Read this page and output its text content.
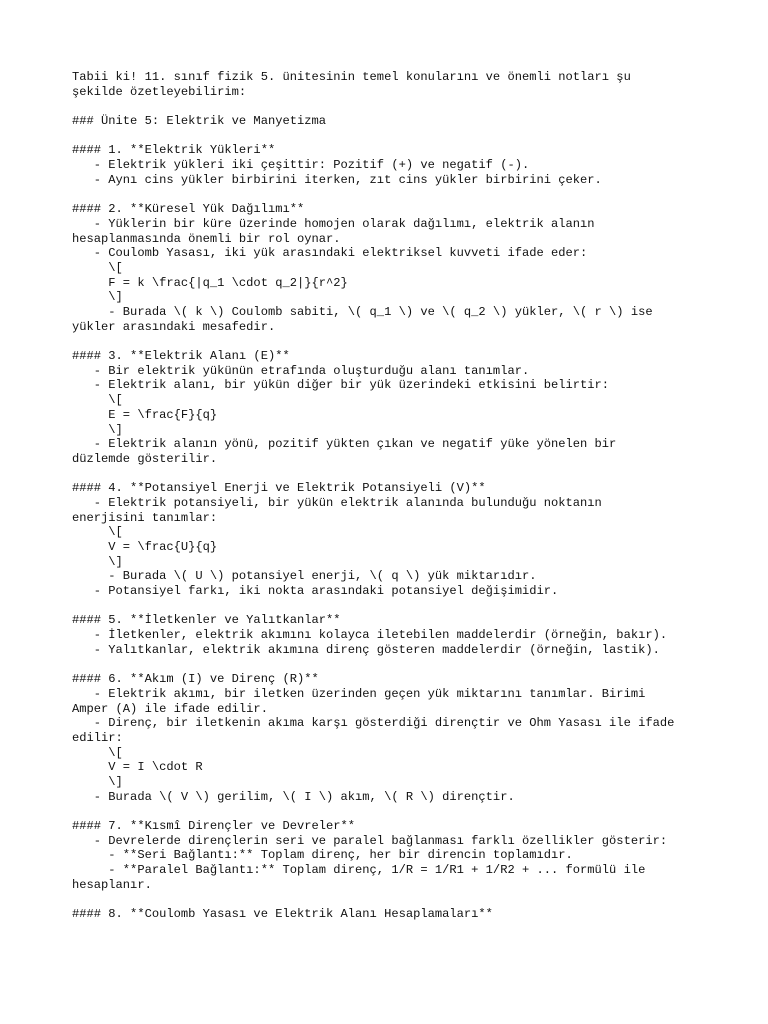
Tabii ki! 11. sınıf fizik 5. ünitesinin temel konularını ve önemli notları şu
şekilde özetleyebilirim:
### Ünite 5: Elektrik ve Manyetizma
#### 1. **Elektrik Yükleri**
- Elektrik yükleri iki çeşittir: Pozitif (+) ve negatif (-).
- Aynı cins yükler birbirini iterken, zıt cins yükler birbirini çeker.
#### 2. **Küresel Yük Dağılımı**
- Yüklerin bir küre üzerinde homojen olarak dağılımı, elektrik alanın
hesaplanmasında önemli bir rol oynar.
- Coulomb Yasası, iki yük arasındaki elektriksel kuvveti ifade eder:
\[
F = k \frac{|q_1 \cdot q_2|}{r^2}
\]
- Burada \( k \) Coulomb sabiti, \( q_1 \) ve \( q_2 \) yükler, \( r \) ise
yükler arasındaki mesafedir.
#### 3. **Elektrik Alanı (E)**
- Bir elektrik yükünün etrafında oluşturduğu alanı tanımlar.
- Elektrik alanı, bir yükün diğer bir yük üzerindeki etkisini belirtir:
\[
E = \frac{F}{q}
\]
- Elektrik alanın yönü, pozitif yükten çıkan ve negatif yüke yönelen bir
düzlemde gösterilir.
#### 4. **Potansiyel Enerji ve Elektrik Potansiyeli (V)**
- Elektrik potansiyeli, bir yükün elektrik alanında bulunduğu noktanın
enerjisini tanımlar:
\[
V = \frac{U}{q}
\]
- Burada \( U \) potansiyel enerji, \( q \) yük miktarıdır.
- Potansiyel farkı, iki nokta arasındaki potansiyel değişimidir.
#### 5. **İletkenler ve Yalıtkanlar**
- İletkenler, elektrik akımını kolayca iletebilen maddelerdir (örneğin, bakır).
- Yalıtkanlar, elektrik akımına direnç gösteren maddelerdir (örneğin, lastik).
#### 6. **Akım (I) ve Direnç (R)**
- Elektrik akımı, bir iletken üzerinden geçen yük miktarını tanımlar. Birimi
Amper (A) ile ifade edilir.
- Direnç, bir iletkenin akıma karşı gösterdiği dirençtir ve Ohm Yasası ile ifade
edilir:
\[
V = I \cdot R
\]
- Burada \( V \) gerilim, \( I \) akım, \( R \) dirençtir.
#### 7. **Kısmî Dirençler ve Devreler**
- Devrelerde dirençlerin seri ve paralel bağlanması farklı özellikler gösterir:
- **Seri Bağlantı:** Toplam direnç, her bir direncin toplamıdır.
- **Paralel Bağlantı:** Toplam direnç, 1/R = 1/R1 + 1/R2 + ... formülü ile
hesaplanır.
#### 8. **Coulomb Yasası ve Elektrik Alanı Hesaplamaları**
